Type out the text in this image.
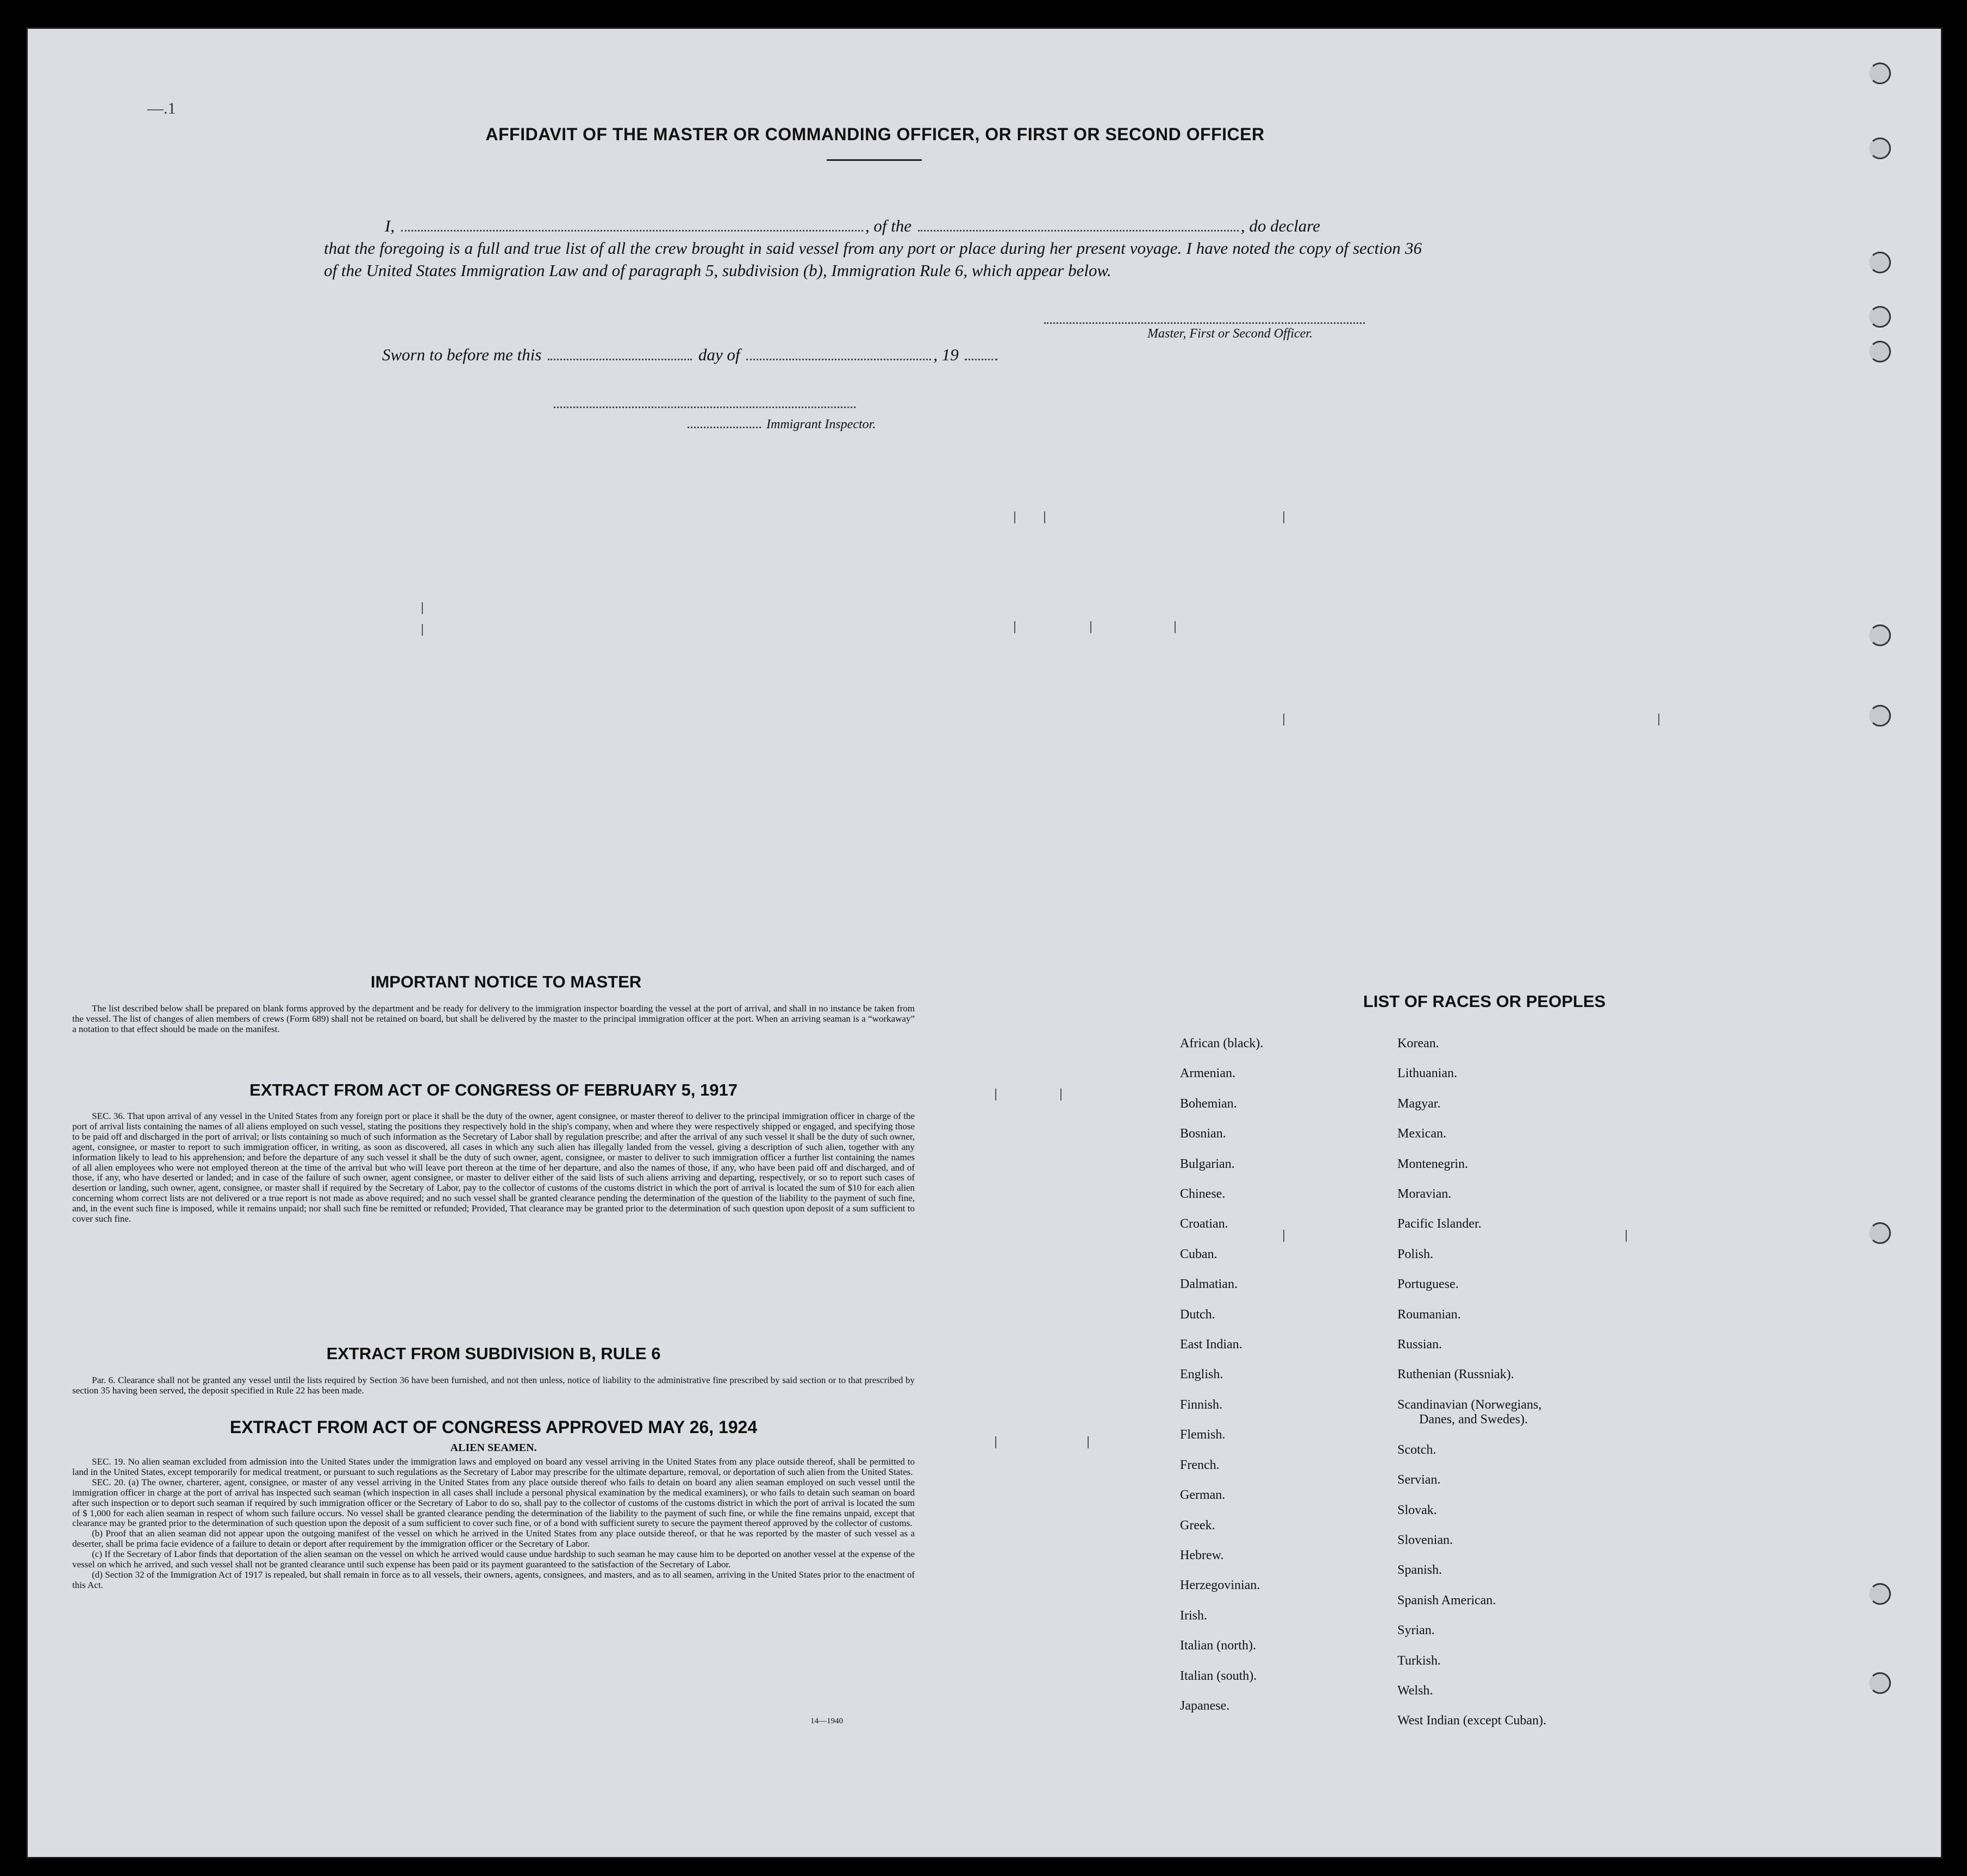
—.1
AFFIDAVIT OF THE MASTER OR COMMANDING OFFICER, OR FIRST OR SECOND OFFICER
I,	, of the	, do declare
that the foregoing is a full and true list of all the crew brought in said vessel from any port or place during her present voyage. I have noted the copy of section 36 of the United States Immigration Law and of paragraph 5, subdivision (b), Immigration Rule 6, which appear below.
Master, First or Second Officer.
Sworn to before me this	day of	, 19
Immigrant Inspector.
IMPORTANT NOTICE TO MASTER

The list described below shall be prepared on blank forms approved by the department and be ready for delivery to the immigration inspector boarding the vessel at the port of arrival, and shall in no instance be taken from the vessel. The list of changes of alien members of crews (Form 689) shall not be retained on board, but shall be delivered by the master to the principal immigration officer at the port. When an arriving seaman is a “workaway” a notation to that effect should be made on the manifest.

EXTRACT FROM ACT OF CONGRESS OF FEBRUARY 5, 1917

SEC. 36. That upon arrival of any vessel in the United States from any foreign port or place it shall be the duty of the owner, agent consignee, or master thereof to deliver to the principal immigration officer in charge of the port of arrival lists containing the names of all aliens employed on such vessel, stating the positions they respectively hold in the ship's company, when and where they were respectively shipped or engaged, and specifying those to be paid off and discharged in the port of arrival; or lists containing so much of such information as the Secretary of Labor shall by regulation prescribe; and after the arrival of any such vessel it shall be the duty of such owner, agent, consignee, or master to report to such immigration officer, in writing, as soon as discovered, all cases in which any such alien has illegally landed from the vessel, giving a description of such alien, together with any information likely to lead to his apprehension; and before the departure of any such vessel it shall be the duty of such owner, agent, consignee, or master to deliver to such immigration officer a further list containing the names of all alien employees who were not employed thereon at the time of the arrival but who will leave port thereon at the time of her departure, and also the names of those, if any, who have been paid off and discharged, and of those, if any, who have deserted or landed; and in case of the failure of such owner, agent consignee, or master to deliver either of the said lists of such aliens arriving and departing, respectively, or so to report such cases of desertion or landing, such owner, agent, consignee, or master shall if required by the Secretary of Labor, pay to the collector of customs of the customs district in which the port of arrival is located the sum of $10 for each alien concerning whom correct lists are not delivered or a true report is not made as above required; and no such vessel shall be granted clearance pending the determination of the question of the liability to the payment of such fine, and, in the event such fine is imposed, while it remains unpaid; nor shall such fine be remitted or refunded; Provided, That clearance may be granted prior to the determination of such question upon deposit of a sum sufficient to cover such fine.

EXTRACT FROM SUBDIVISION B, RULE 6

Par. 6. Clearance shall not be granted any vessel until the lists required by Section 36 have been furnished, and not then unless, notice of liability to the administrative fine prescribed by said section or to that prescribed by section 35 having been served, the deposit specified in Rule 22 has been made.

EXTRACT FROM ACT OF CONGRESS APPROVED MAY 26, 1924
ALIEN SEAMEN.

SEC. 19. No alien seaman excluded from admission into the United States under the immigration laws and employed on board any vessel arriving in the United States from any place outside thereof, shall be permitted to land in the United States, except temporarily for medical treatment, or pursuant to such regulations as the Secretary of Labor may prescribe for the ultimate departure, removal, or deportation of such alien from the United States.

SEC. 20. (a) The owner, charterer, agent, consignee, or master of any vessel arriving in the United States from any place outside thereof who fails to detain on board any alien seaman employed on such vessel until the immigration officer in charge at the port of arrival has inspected such seaman (which inspection in all cases shall include a personal physical examination by the medical examiners), or who fails to detain such seaman on board after such inspection or to deport such seaman if required by such immigration officer or the Secretary of Labor to do so, shall pay to the collector of customs of the customs district in which the port of arrival is located the sum of $ 1,000 for each alien seaman in respect of whom such failure occurs. No vessel shall be granted clearance pending the determination of the liability to the payment of such fine, or while the fine remains unpaid, except that clearance may be granted prior to the determination of such question upon the deposit of a sum sufficient to cover such fine, or of a bond with sufficient surety to secure the payment thereof approved by the collector of customs.

(b) Proof that an alien seaman did not appear upon the outgoing manifest of the vessel on which he arrived in the United States from any place outside thereof, or that he was reported by the master of such vessel as a deserter, shall be prima facie evidence of a failure to detain or deport after requirement by the immigration officer or the Secretary of Labor.

(c) If the Secretary of Labor finds that deportation of the alien seaman on the vessel on which he arrived would cause undue hardship to such seaman he may cause him to be deported on another vessel at the expense of the vessel on which he arrived, and such vessel shall not be granted clearance until such expense has been paid or its payment guaranteed to the satisfaction of the Secretary of Labor.

(d) Section 32 of the Immigration Act of 1917 is repealed, but shall remain in force as to all vessels, their owners, agents, consignees, and masters, and as to all seamen, arriving in the United States prior to the enactment of this Act.

14—1940
LIST OF RACES OR PEOPLES
African (black).
Armenian.
Bohemian.
Bosnian.
Bulgarian.
Chinese.
Croatian.
Cuban.
Dalmatian.
Dutch.
East Indian.
English.
Finnish.
Flemish.
French.
German.
Greek.
Hebrew.
Herzegovinian.
Irish.
Italian (north).
Italian (south).
Japanese.
Korean.
Lithuanian.
Magyar.
Mexican.
Montenegrin.
Moravian.
Pacific Islander.
Polish.
Portuguese.
Roumanian.
Russian.
Ruthenian (Russniak).
Scandinavian (Norwegians,
Danes, and Swedes).
Scotch.
Servian.
Slovak.
Slovenian.
Spanish.
Spanish American.
Syrian.
Turkish.
Welsh.
West Indian (except Cuban).
